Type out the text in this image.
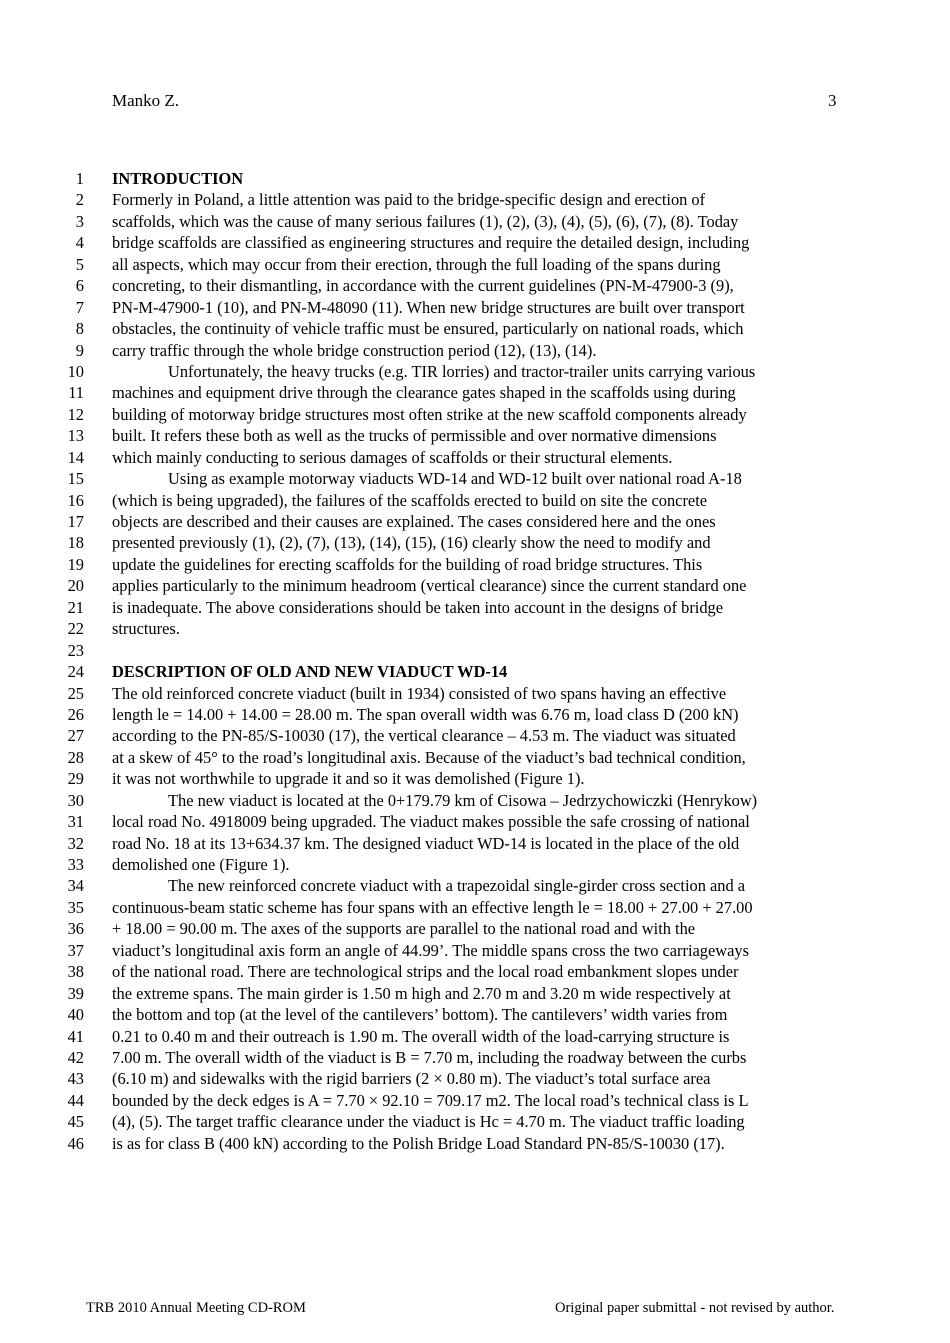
Manko Z.	3
1 INTRODUCTION
2 Formerly in Poland, a little attention was paid to the bridge-specific design and erection of
3 scaffolds, which was the cause of many serious failures (1), (2), (3), (4), (5), (6), (7), (8). Today
4 bridge scaffolds are classified as engineering structures and require the detailed design, including
5 all aspects, which may occur from their erection, through the full loading of the spans during
6 concreting, to their dismantling, in accordance with the current guidelines (PN-M-47900-3 (9),
7 PN-M-47900-1 (10), and PN-M-48090 (11). When new bridge structures are built over transport
8 obstacles, the continuity of vehicle traffic must be ensured, particularly on national roads, which
9 carry traffic through the whole bridge construction period (12), (13), (14).
10	Unfortunately, the heavy trucks (e.g. TIR lorries) and tractor-trailer units carrying various
11 machines and equipment drive through the clearance gates shaped in the scaffolds using during
12 building of motorway bridge structures most often strike at the new scaffold components already
13 built. It refers these both as well as the trucks of permissible and over normative dimensions
14 which mainly conducting to serious damages of scaffolds or their structural elements.
15	Using as example motorway viaducts WD-14 and WD-12 built over national road A-18
16 (which is being upgraded), the failures of the scaffolds erected to build on site the concrete
17 objects are described and their causes are explained. The cases considered here and the ones
18 presented previously (1), (2), (7), (13), (14), (15), (16) clearly show the need to modify and
19 update the guidelines for erecting scaffolds for the building of road bridge structures. This
20 applies particularly to the minimum headroom (vertical clearance) since the current standard one
21 is inadequate. The above considerations should be taken into account in the designs of bridge
22 structures.
23
24 DESCRIPTION OF OLD AND NEW VIADUCT WD-14
25 The old reinforced concrete viaduct (built in 1934) consisted of two spans having an effective
26 length le = 14.00 + 14.00 = 28.00 m. The span overall width was 6.76 m, load class D (200 kN)
27 according to the PN-85/S-10030 (17), the vertical clearance – 4.53 m. The viaduct was situated
28 at a skew of 45° to the road’s longitudinal axis. Because of the viaduct’s bad technical condition,
29 it was not worthwhile to upgrade it and so it was demolished (Figure 1).
30	The new viaduct is located at the 0+179.79 km of Cisowa – Jedrzychowiczki (Henrykow)
31 local road No. 4918009 being upgraded. The viaduct makes possible the safe crossing of national
32 road No. 18 at its 13+634.37 km. The designed viaduct WD-14 is located in the place of the old
33 demolished one (Figure 1).
34	The new reinforced concrete viaduct with a trapezoidal single-girder cross section and a
35 continuous-beam static scheme has four spans with an effective length le = 18.00 + 27.00 + 27.00
36 + 18.00 = 90.00 m. The axes of the supports are parallel to the national road and with the
37 viaduct’s longitudinal axis form an angle of 44.99’. The middle spans cross the two carriageways
38 of the national road. There are technological strips and the local road embankment slopes under
39 the extreme spans. The main girder is 1.50 m high and 2.70 m and 3.20 m wide respectively at
40 the bottom and top (at the level of the cantilevers’ bottom). The cantilevers’ width varies from
41 0.21 to 0.40 m and their outreach is 1.90 m. The overall width of the load-carrying structure is
42 7.00 m. The overall width of the viaduct is B = 7.70 m, including the roadway between the curbs
43 (6.10 m) and sidewalks with the rigid barriers (2 × 0.80 m). The viaduct’s total surface area
44 bounded by the deck edges is A = 7.70 × 92.10 = 709.17 m2. The local road’s technical class is L
45 (4), (5). The target traffic clearance under the viaduct is Hc = 4.70 m. The viaduct traffic loading
46 is as for class B (400 kN) according to the Polish Bridge Load Standard PN-85/S-10030 (17).
TRB 2010 Annual Meeting CD-ROM	Original paper submittal - not revised by author.
